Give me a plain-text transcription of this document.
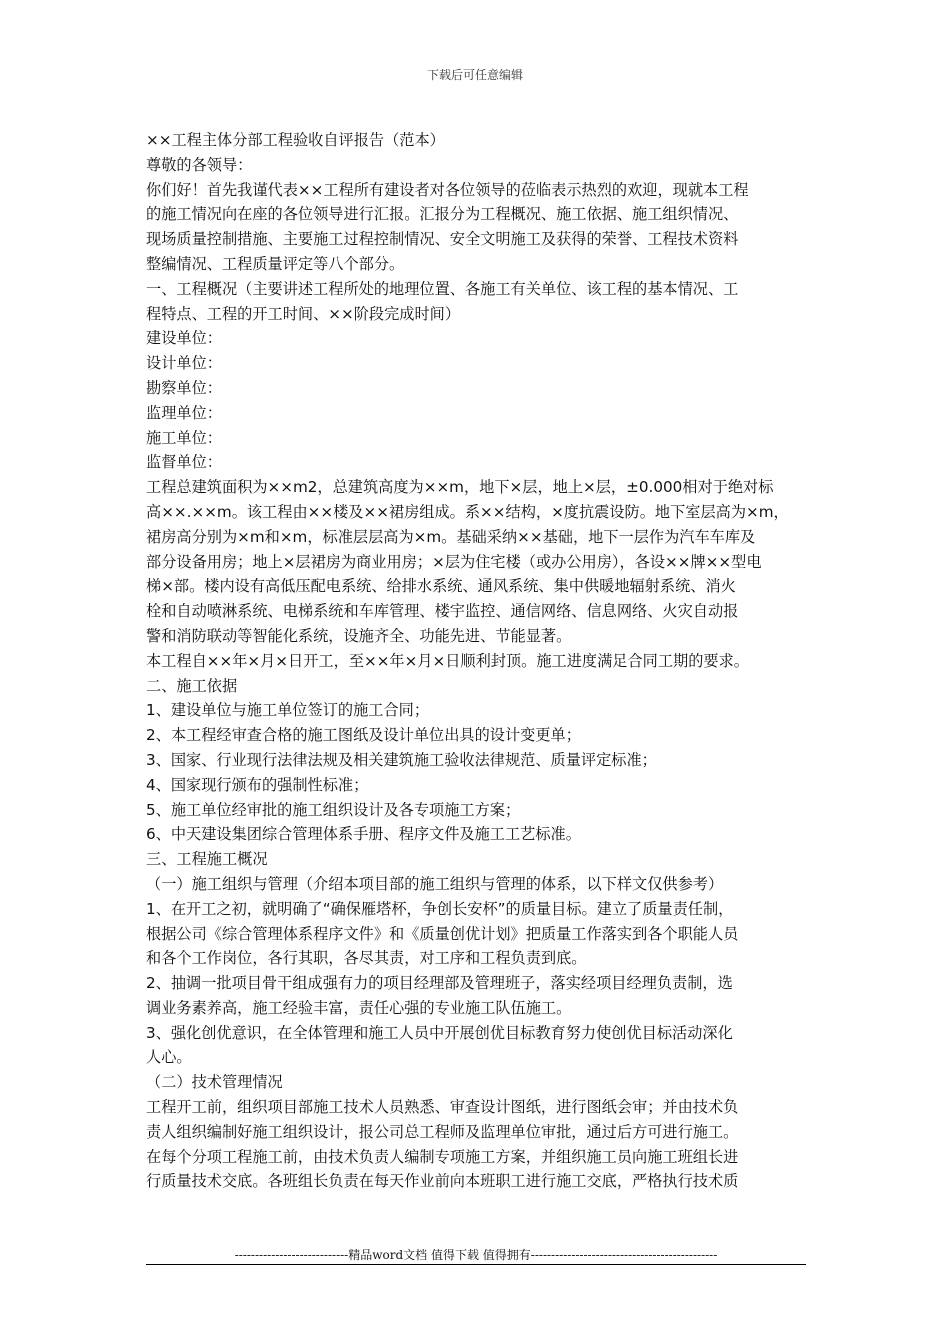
下载后可任意编辑

××工程主体分部工程验收自评报告（范本）

尊敬的各领导：

你们好！首先我谨代表××工程所有建设者对各位领导的莅临表示热烈的欢迎，现就本工程

的施工情况向在座的各位领导进行汇报。汇报分为工程概况、施工依据、施工组织情况、

现场质量控制措施、主要施工过程控制情况、安全文明施工及获得的荣誉、工程技术资料

整编情况、工程质量评定等八个部分。

一、工程概况（主要讲述工程所处的地理位置、各施工有关单位、该工程的基本情况、工

程特点、工程的开工时间、××阶段完成时间）

建设单位：

设计单位：

勘察单位：

监理单位：

施工单位：

监督单位：

工程总建筑面积为××m2，总建筑高度为××m，地下×层，地上×层，±0.000相对于绝对标

高××.××m。该工程由××楼及××裙房组成。系××结构，×度抗震设防。地下室层高为×m，

裙房高分别为×m和×m，标准层层高为×m。基础采纳××基础，地下一层作为汽车车库及

部分设备用房；地上×层裙房为商业用房；×层为住宅楼（或办公用房），各设××牌××型电

梯×部。楼内设有高低压配电系统、给排水系统、通风系统、集中供暖地辐射系统、消火

栓和自动喷淋系统、电梯系统和车库管理、楼宇监控、通信网络、信息网络、火灾自动报

警和消防联动等智能化系统，设施齐全、功能先进、节能显著。

本工程自××年×月×日开工，至××年×月×日顺利封顶。施工进度满足合同工期的要求。

二、施工依据

1、建设单位与施工单位签订的施工合同；

2、本工程经审查合格的施工图纸及设计单位出具的设计变更单；

3、国家、行业现行法律法规及相关建筑施工验收法律规范、质量评定标准；

4、国家现行颁布的强制性标准；

5、施工单位经审批的施工组织设计及各专项施工方案；

6、中天建设集团综合管理体系手册、程序文件及施工工艺标准。

三、工程施工概况

（一）施工组织与管理（介绍本项目部的施工组织与管理的体系，以下样文仅供参考）

1、在开工之初，就明确了“确保雁塔杯，争创长安杯”的质量目标。建立了质量责任制，

根据公司《综合管理体系程序文件》和《质量创优计划》把质量工作落实到各个职能人员

和各个工作岗位，各行其职，各尽其责，对工序和工程负责到底。

2、抽调一批项目骨干组成强有力的项目经理部及管理班子，落实经项目经理负责制，选

调业务素养高，施工经验丰富，责任心强的专业施工队伍施工。

3、强化创优意识，在全体管理和施工人员中开展创优目标教育努力使创优目标活动深化

人心。

（二）技术管理情况

工程开工前，组织项目部施工技术人员熟悉、审查设计图纸，进行图纸会审；并由技术负

责人组织编制好施工组织设计，报公司总工程师及监理单位审批，通过后方可进行施工。

在每个分项工程施工前，由技术负责人编制专项施工方案，并组织施工员向施工班组长进

行质量技术交底。各班组长负责在每天作业前向本班职工进行施工交底，严格执行技术质

----------------------------精品word文档 值得下载 值得拥有----------------------------------------------
